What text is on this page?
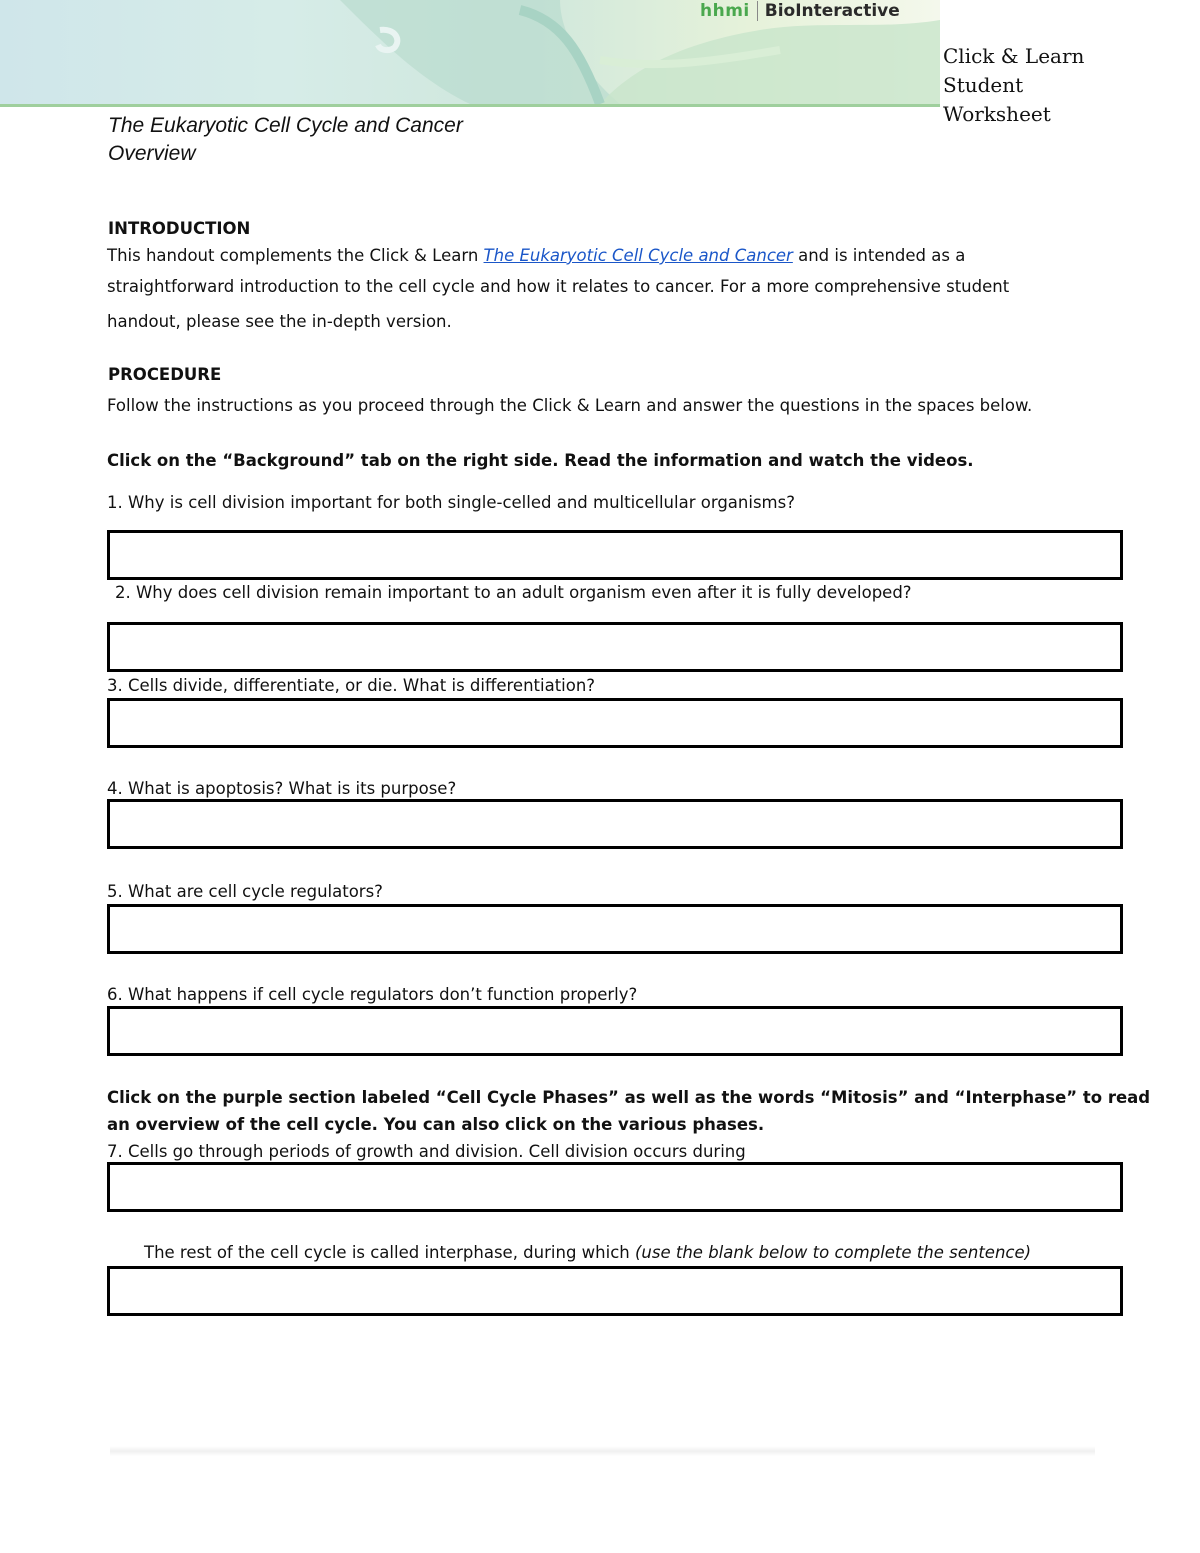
hhmi BioInteractive
Click & Learn
Student
Worksheet
The Eukaryotic Cell Cycle and Cancer
Overview
INTRODUCTION
This handout complements the Click & Learn The Eukaryotic Cell Cycle and Cancer and is intended as a
straightforward introduction to the cell cycle and how it relates to cancer. For a more comprehensive student
handout, please see the in-depth version.
PROCEDURE
Follow the instructions as you proceed through the Click & Learn and answer the questions in the spaces below.
Click on the “Background” tab on the right side. Read the information and watch the videos.
1. Why is cell division important for both single-celled and multicellular organisms?
2. Why does cell division remain important to an adult organism even after it is fully developed?
3. Cells divide, differentiate, or die. What is differentiation?
4. What is apoptosis? What is its purpose?
5. What are cell cycle regulators?
6. What happens if cell cycle regulators don’t function properly?
Click on the purple section labeled “Cell Cycle Phases” as well as the words “Mitosis” and “Interphase” to read
an overview of the cell cycle. You can also click on the various phases.
7. Cells go through periods of growth and division. Cell division occurs during
The rest of the cell cycle is called interphase, during which (use the blank below to complete the sentence)
